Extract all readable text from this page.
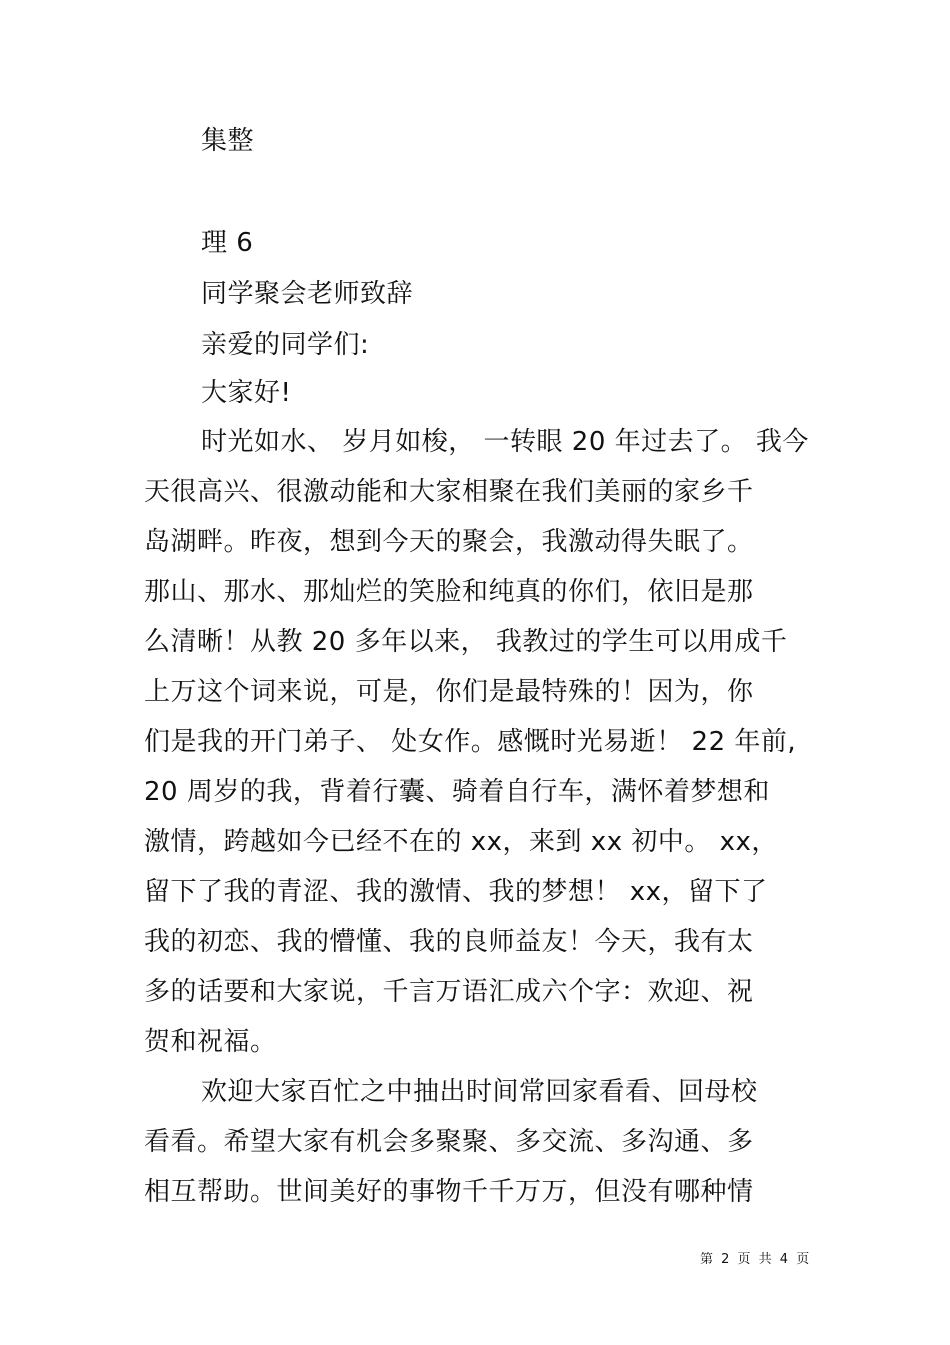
集整
理 6
同学聚会老师致辞
亲爱的同学们:
大家好!
时光如水、 岁月如梭， 一转眼 20 年过去了。 我今
天很高兴、很激动能和大家相聚在我们美丽的家乡千
岛湖畔。昨夜，想到今天的聚会，我激动得失眠了。
那山、那水、那灿烂的笑脸和纯真的你们，依旧是那
么清晰！从教 20 多年以来， 我教过的学生可以用成千
上万这个词来说，可是，你们是最特殊的！因为，你
们是我的开门弟子、 处女作。感慨时光易逝！ 22 年前,
20 周岁的我，背着行囊、骑着自行车，满怀着梦想和
激情，跨越如今已经不在的 xx，来到 xx 初中。 xx，
留下了我的青涩、我的激情、我的梦想！ xx，留下了
我的初恋、我的懵懂、我的良师益友！今天，我有太
多的话要和大家说，千言万语汇成六个字：欢迎、祝
贺和祝福。
欢迎大家百忙之中抽出时间常回家看看、回母校
看看。希望大家有机会多聚聚、多交流、多沟通、多
相互帮助。世间美好的事物千千万万，但没有哪种情
第 2 页 共 4 页
